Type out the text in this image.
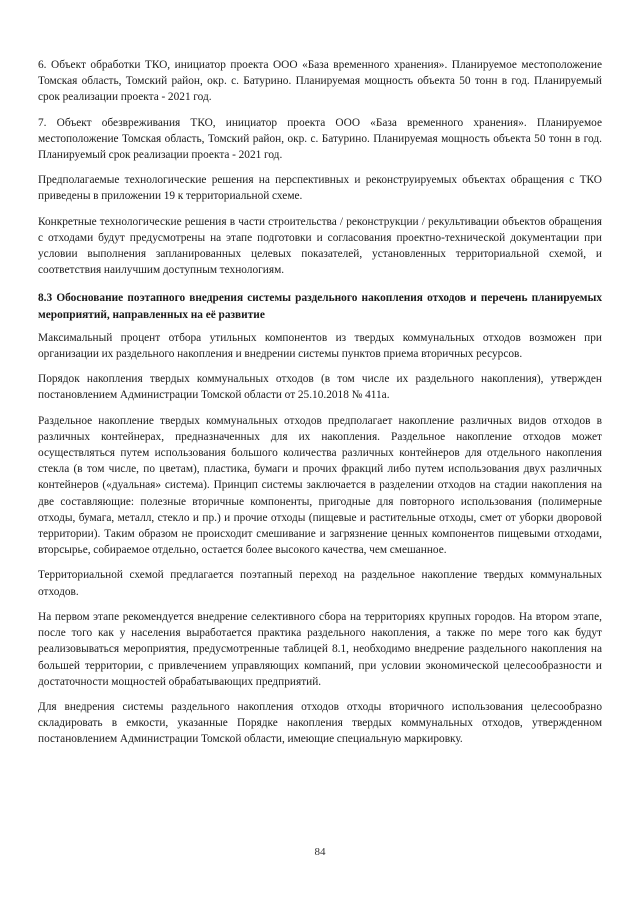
6. Объект обработки ТКО, инициатор проекта ООО «База временного хранения». Планируемое местоположение Томская область, Томский район, окр. с. Батурино. Планируемая мощность объекта 50 тонн в год. Планируемый срок реализации проекта - 2021 год.

7. Объект обезвреживания ТКО, инициатор проекта ООО «База временного хранения». Планируемое местоположение Томская область, Томский район, окр. с. Батурино. Планируемая мощность объекта 50 тонн в год. Планируемый срок реализации проекта - 2021 год.

Предполагаемые технологические решения на перспективных и реконструируемых объектах обращения с ТКО приведены в приложении 19 к территориальной схеме.

Конкретные технологические решения в части строительства / реконструкции / рекультивации объектов обращения с отходами будут предусмотрены на этапе подготовки и согласования проектно-технической документации при условии выполнения запланированных целевых показателей, установленных территориальной схемой, и соответствия наилучшим доступным технологиям.

8.3 Обоснование поэтапного внедрения системы раздельного накопления отходов и перечень планируемых мероприятий, направленных на её развитие

Максимальный процент отбора утильных компонентов из твердых коммунальных отходов возможен при организации их раздельного накопления и внедрении системы пунктов приема вторичных ресурсов.

Порядок накопления твердых коммунальных отходов (в том числе их раздельного накопления), утвержден постановлением Администрации Томской области от 25.10.2018 № 411а.

Раздельное накопление твердых коммунальных отходов предполагает накопление различных видов отходов в различных контейнерах, предназначенных для их накопления. Раздельное накопление отходов может осуществляться путем использования большого количества различных контейнеров для отдельного накопления стекла (в том числе, по цветам), пластика, бумаги и прочих фракций либо путем использования двух различных контейнеров («дуальная» система). Принцип системы заключается в разделении отходов на стадии накопления на две составляющие: полезные вторичные компоненты, пригодные для повторного использования (полимерные отходы, бумага, металл, стекло и пр.) и прочие отходы (пищевые и растительные отходы, смет от уборки дворовой территории). Таким образом не происходит смешивание и загрязнение ценных компонентов пищевыми отходами, вторсырье, собираемое отдельно, остается более высокого качества, чем смешанное.

Территориальной схемой предлагается поэтапный переход на раздельное накопление твердых коммунальных отходов.

На первом этапе рекомендуется внедрение селективного сбора на территориях крупных городов. На втором этапе, после того как у населения выработается практика раздельного накопления, а также по мере того как будут реализовываться мероприятия, предусмотренные таблицей 8.1, необходимо внедрение раздельного накопления на большей территории, с привлечением управляющих компаний, при условии экономической целесообразности и достаточности мощностей обрабатывающих предприятий.

Для внедрения системы раздельного накопления отходов отходы вторичного использования целесообразно складировать в емкости, указанные Порядке накопления твердых коммунальных отходов, утвержденном постановлением Администрации Томской области, имеющие специальную маркировку.

84
